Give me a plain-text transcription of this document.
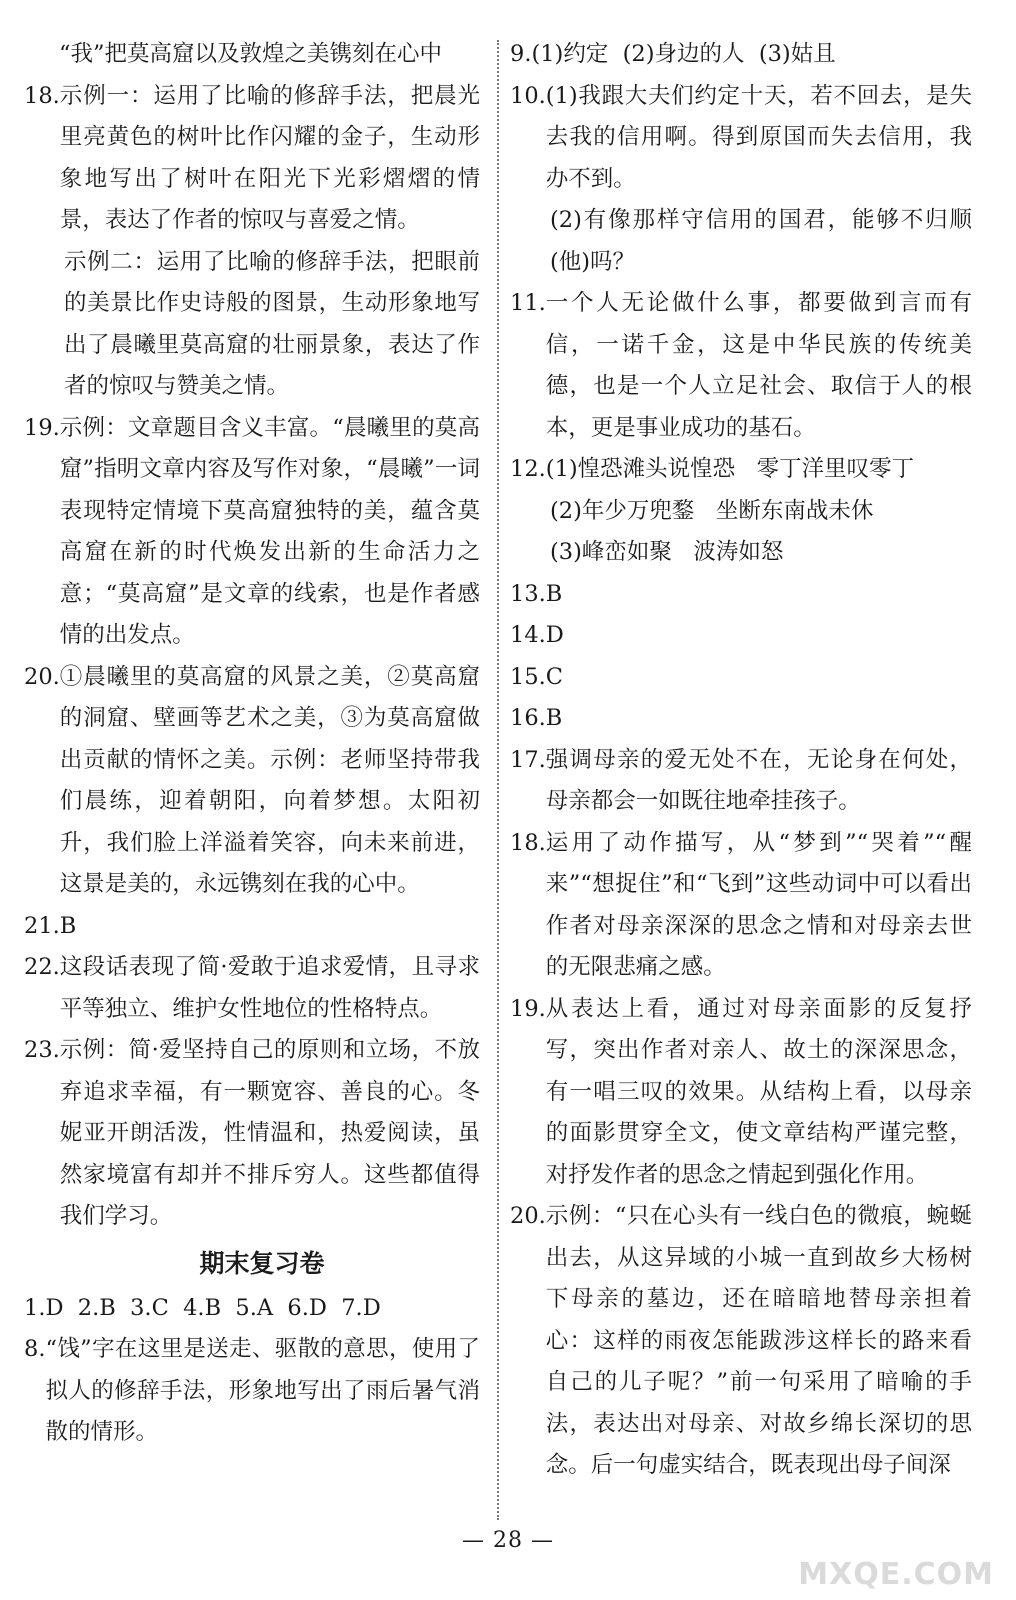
“我”把莫高窟以及敦煌之美镌刻在心中
18. 示例一：运用了比喻的修辞手法，把晨光里亮黄色的树叶比作闪耀的金子，生动形象地写出了树叶在阳光下光彩熠熠的情景，表达了作者的惊叹与喜爱之情。
示例二：运用了比喻的修辞手法，把眼前的美景比作史诗般的图景，生动形象地写出了晨曦里莫高窟的壮丽景象，表达了作者的惊叹与赞美之情。
19. 示例：文章题目含义丰富。“晨曦里的莫高窟”指明文章内容及写作对象，“晨曦”一词表现特定情境下莫高窟独特的美，蕴含莫高窟在新的时代焕发出新的生命活力之意；“莫高窟”是文章的线索，也是作者感情的出发点。
20. ①晨曦里的莫高窟的风景之美，②莫高窟的洞窟、壁画等艺术之美，③为莫高窟做出贡献的情怀之美。示例：老师坚持带我们晨练，迎着朝阳，向着梦想。太阳初升，我们脸上洋溢着笑容，向未来前进，这景是美的，永远镌刻在我的心中。
21. B
22. 这段话表现了简·爱敢于追求爱情，且寻求平等独立、维护女性地位的性格特点。
23. 示例：简·爱坚持自己的原则和立场，不放弃追求幸福，有一颗宽容、善良的心。冬妮亚开朗活泼，性情温和，热爱阅读，虽然家境富有却并不排斥穷人。这些都值得我们学习。
期末复习卷
1.D  2.B  3.C  4.B  5.A  6.D  7.D
8. “饯”字在这里是送走、驱散的意思，使用了拟人的修辞手法，形象地写出了雨后暑气消散的情形。
9. (1)约定  (2)身边的人  (3)姑且
10. (1)我跟大夫们约定十天，若不回去，是失去我的信用啊。得到原国而失去信用，我办不到。
(2)有像那样守信用的国君，能够不归顺(他)吗？
11. 一个人无论做什么事，都要做到言而有信，一诺千金，这是中华民族的传统美德，也是一个人立足社会、取信于人的根本，更是事业成功的基石。
12. (1)惶恐滩头说惶恐   零丁洋里叹零丁
(2)年少万兜鍪   坐断东南战未休
(3)峰峦如聚   波涛如怒
13. B
14. D
15. C
16. B
17. 强调母亲的爱无处不在，无论身在何处，母亲都会一如既往地牵挂孩子。
18. 运用了动作描写，从“梦到”“哭着”“醒来”“想捉住”和“飞到”这些动词中可以看出作者对母亲深深的思念之情和对母亲去世的无限悲痛之感。
19. 从表达上看，通过对母亲面影的反复抒写，突出作者对亲人、故土的深深思念，有一唱三叹的效果。从结构上看，以母亲的面影贯穿全文，使文章结构严谨完整，对抒发作者的思念之情起到强化作用。
20. 示例：“只在心头有一线白色的微痕，蜿蜒出去，从这异域的小城一直到故乡大杨树下母亲的墓边，还在暗暗地替母亲担着心：这样的雨夜怎能跋涉这样长的路来看自己的儿子呢？”前一句采用了暗喻的手法，表达出对母亲、对故乡绵长深切的思念。后一句虚实结合，既表现出母子间深
— 28 —
MXQE.COM
